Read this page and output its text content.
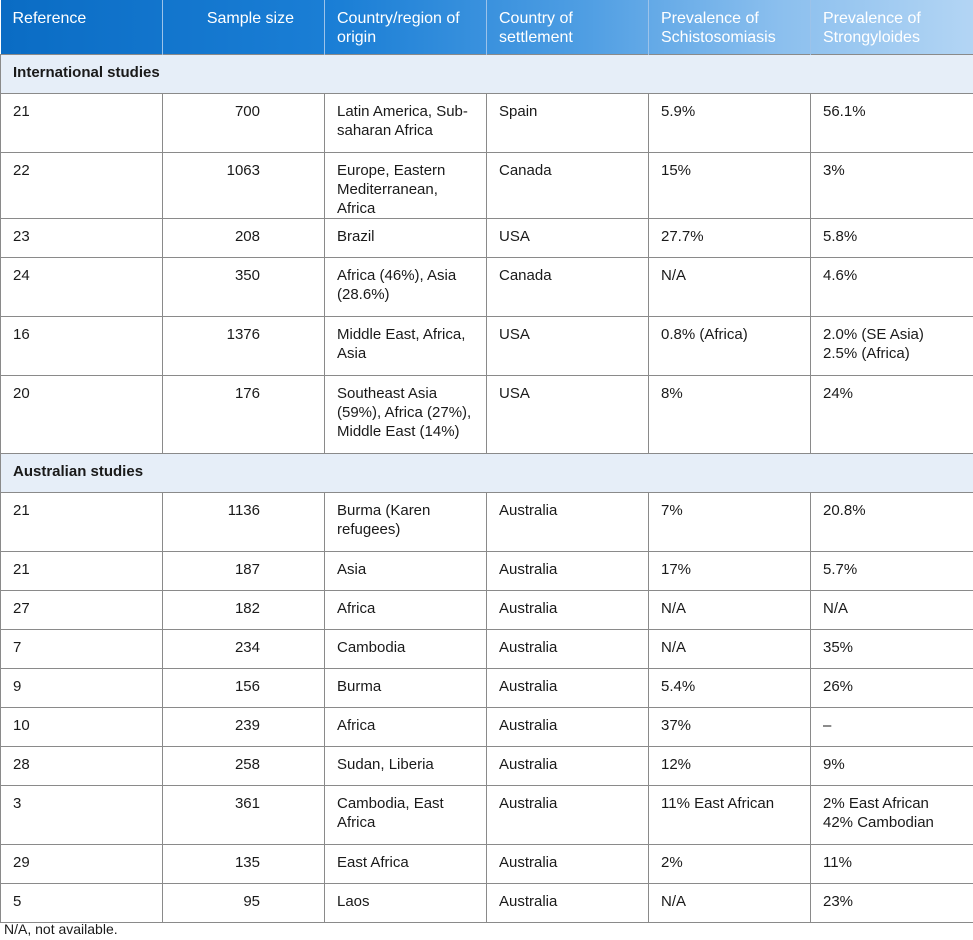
Reference	Sample size	Country/region of origin	Country of settlement	Prevalence of Schistosomiasis	Prevalence of Strongyloides
International studies					
21	700	Latin America, Sub-saharan Africa	Spain	5.9%	56.1%
22	1063	Europe, Eastern Mediterranean, Africa	Canada	15%	3%
23	208	Brazil	USA	27.7%	5.8%
24	350	Africa (46%), Asia (28.6%)	Canada	N/A	4.6%
16	1376	Middle East, Africa, Asia	USA	0.8% (Africa)	2.0% (SE Asia)
2.5% (Africa)
20	176	Southeast Asia (59%), Africa (27%), Middle East (14%)	USA	8%	24%
Australian studies					
21	1136	Burma (Karen refugees)	Australia	7%	20.8%
21	187	Asia	Australia	17%	5.7%
27	182	Africa	Australia	N/A	N/A
7	234	Cambodia	Australia	N/A	35%
9	156	Burma	Australia	5.4%	26%
10	239	Africa	Australia	37%	–
28	258	Sudan, Liberia	Australia	12%	9%
3	361	Cambodia, East Africa	Australia	11% East African	2% East African
42% Cambodian
29	135	East Africa	Australia	2%	11%
5	95	Laos	Australia	N/A	23%
N/A, not available.
